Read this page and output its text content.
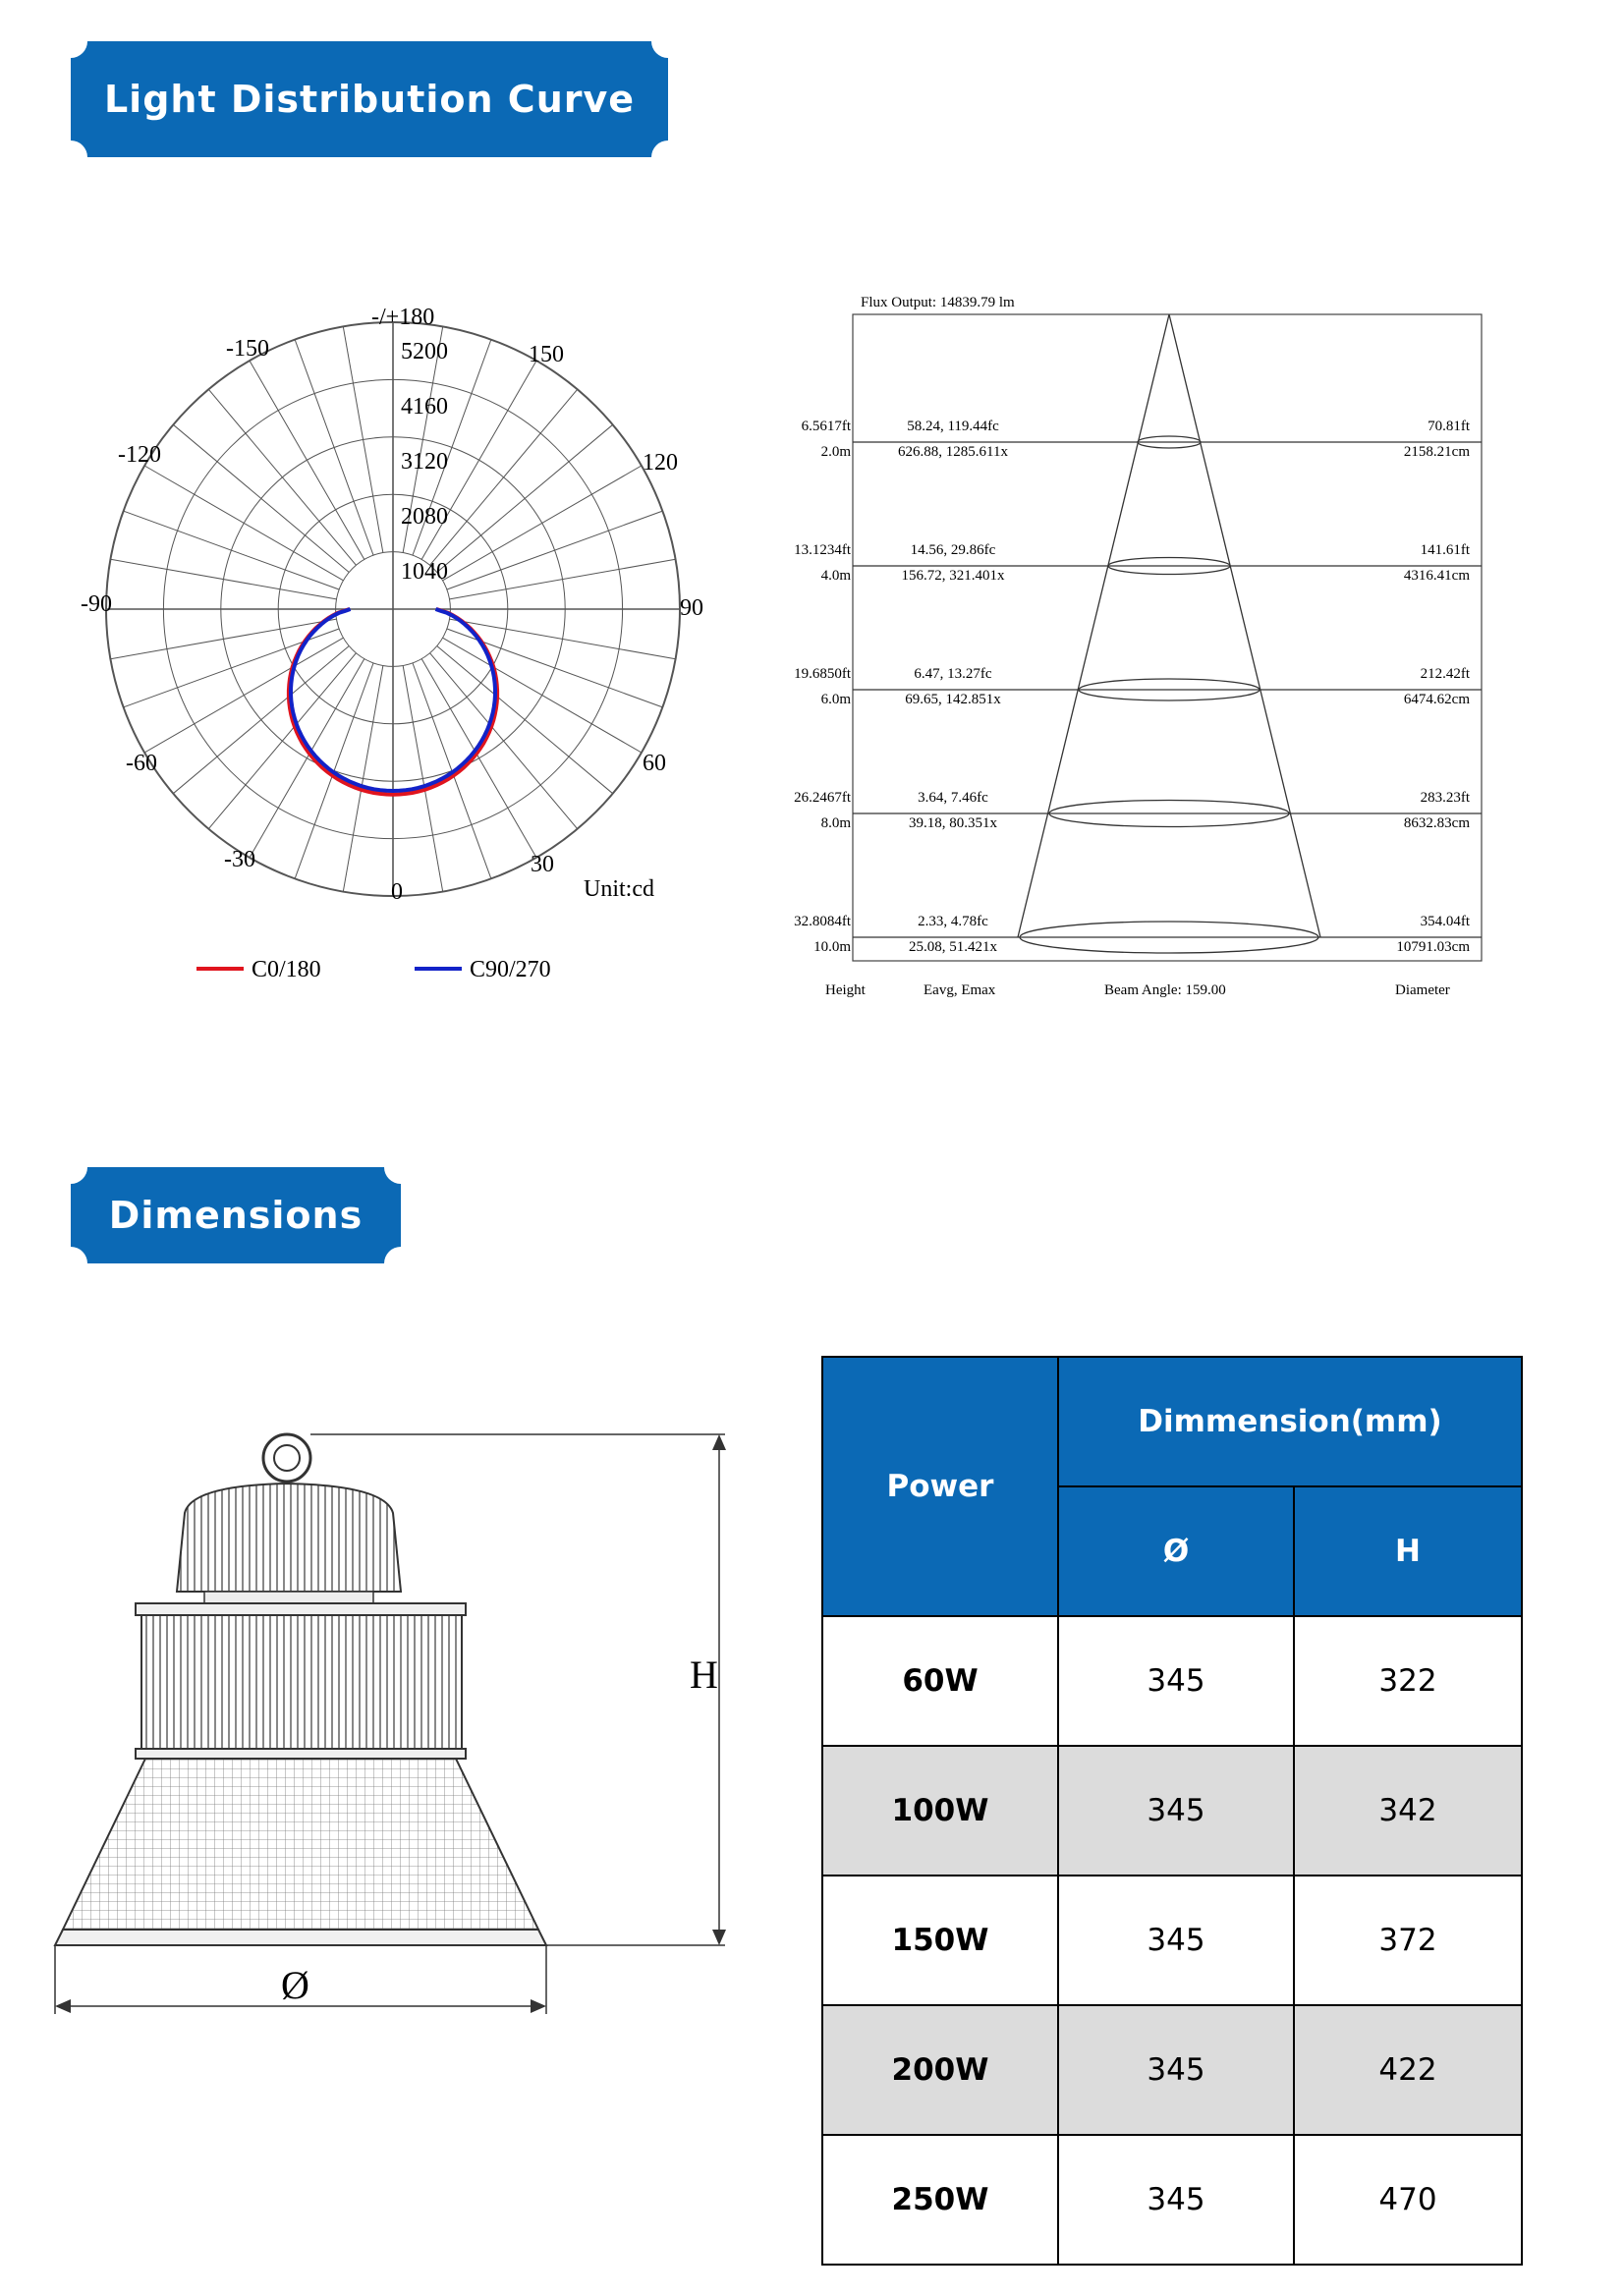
Light Distribution Curve
Dimensions
-/+180
5200
4160
3120
2080
1040
-150	150
-120	120
-90	90
-60	60
-30	30
0	Unit:cd
C0/180	C90/270
Flux Output: 14839.79 lm
6.5617ft
2.0m
58.24, 119.44fc
626.88, 1285.611x
70.81ft
2158.21cm
13.1234ft
4.0m
14.56, 29.86fc
156.72, 321.401x
141.61ft
4316.41cm
19.6850ft
6.0m
6.47, 13.27fc
69.65, 142.851x
212.42ft
6474.62cm
26.2467ft
8.0m
3.64, 7.46fc
39.18, 80.351x
283.23ft
8632.83cm
32.8084ft
10.0m
2.33, 4.78fc
25.08, 51.421x
354.04ft
10791.03cm
Height	Eavg, Emax	Beam Angle: 159.00	Diameter
H
Ø
Power	Dimmension(mm)	
	Ø	H
60W	345	322
100W	345	342
150W	345	372
200W	345	422
250W	345	470
